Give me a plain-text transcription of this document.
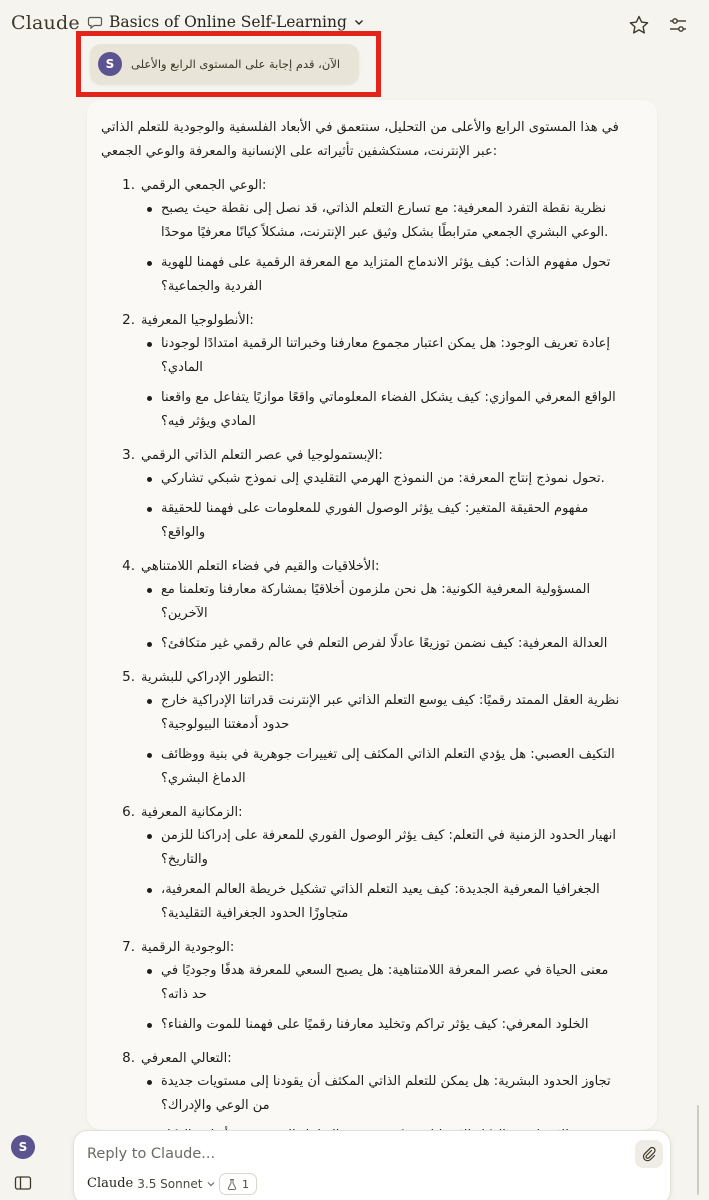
Claude Basics of Online Self-Learning
S	الآن، قدم إجابة على المستوى الرابع والأعلى
في هذا المستوى الرابع والأعلى من التحليل، سنتعمق في الأبعاد الفلسفية والوجودية للتعلم الذاتي
:عبر الإنترنت، مستكشفين تأثيراته على الإنسانية والمعرفة والوعي الجمعي
1. :الوعي الجمعي الرقمي
نظرية نقطة التفرد المعرفية: مع تسارع التعلم الذاتي، قد نصل إلى نقطة حيث يصبح
.الوعي البشري الجمعي مترابطًا بشكل وثيق عبر الإنترنت، مشكلاً كيانًا معرفيًا موحدًا
تحول مفهوم الذات: كيف يؤثر الاندماج المتزايد مع المعرفة الرقمية على فهمنا للهوية
الفردية والجماعية؟
2. :الأنطولوجيا المعرفية
إعادة تعريف الوجود: هل يمكن اعتبار مجموع معارفنا وخبراتنا الرقمية امتدادًا لوجودنا
المادي؟
الواقع المعرفي الموازي: كيف يشكل الفضاء المعلوماتي واقعًا موازيًا يتفاعل مع واقعنا
المادي ويؤثر فيه؟
3. :الإبستمولوجيا في عصر التعلم الذاتي الرقمي
.تحول نموذج إنتاج المعرفة: من النموذج الهرمي التقليدي إلى نموذج شبكي تشاركي
مفهوم الحقيقة المتغير: كيف يؤثر الوصول الفوري للمعلومات على فهمنا للحقيقة
والواقع؟
4. :الأخلاقيات والقيم في فضاء التعلم اللامتناهي
المسؤولية المعرفية الكونية: هل نحن ملزمون أخلاقيًا بمشاركة معارفنا وتعلمنا مع
الآخرين؟
العدالة المعرفية: كيف نضمن توزيعًا عادلًا لفرص التعلم في عالم رقمي غير متكافئ؟
5. :التطور الإدراكي للبشرية
نظرية العقل الممتد رقميًا: كيف يوسع التعلم الذاتي عبر الإنترنت قدراتنا الإدراكية خارج
حدود أدمغتنا البيولوجية؟
التكيف العصبي: هل يؤدي التعلم الذاتي المكثف إلى تغييرات جوهرية في بنية ووظائف
الدماغ البشري؟
6. :الزمكانية المعرفية
انهيار الحدود الزمنية في التعلم: كيف يؤثر الوصول الفوري للمعرفة على إدراكنا للزمن
والتاريخ؟
الجغرافيا المعرفية الجديدة: كيف يعيد التعلم الذاتي تشكيل خريطة العالم المعرفية،
متجاوزًا الحدود الجغرافية التقليدية؟
7. :الوجودية الرقمية
معنى الحياة في عصر المعرفة اللامتناهية: هل يصبح السعي للمعرفة هدفًا وجوديًا في
حد ذاته؟
الخلود المعرفي: كيف يؤثر تراكم وتخليد معارفنا رقميًا على فهمنا للموت والفناء؟
8. :التعالي المعرفي
تجاوز الحدود البشرية: هل يمكن للتعلم الذاتي المكثف أن يقودنا إلى مستويات جديدة
من الوعي والإدراك؟
S
Reply to Claude...
Claude 3.5 Sonnet	1
